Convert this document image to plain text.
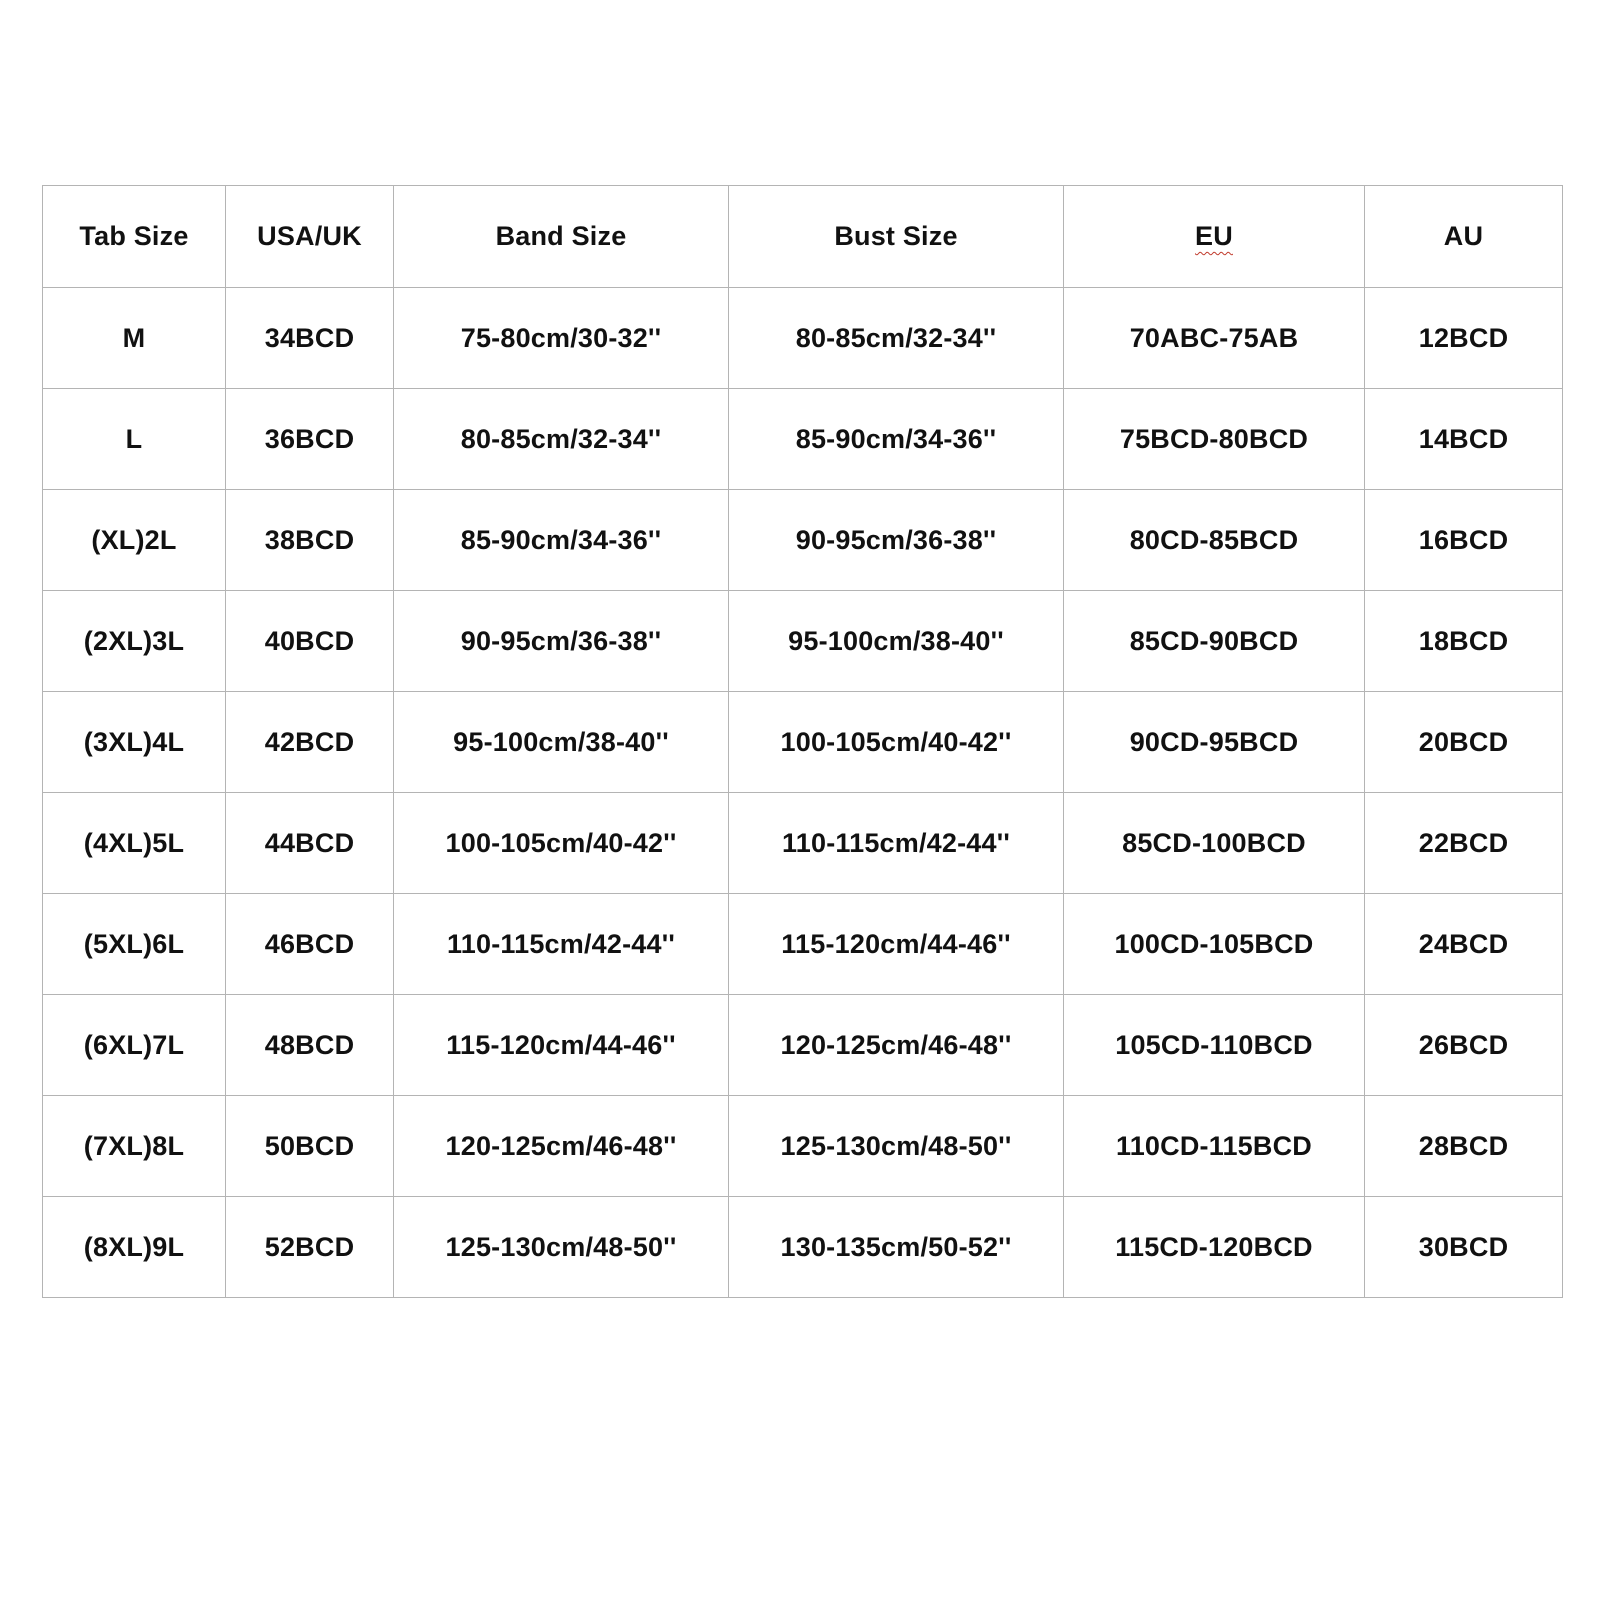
Tab Size	USA/UK	Band Size	Bust Size	EU	AU
M	34BCD	75-80cm/30-32''	80-85cm/32-34''	70ABC-75AB	12BCD
L	36BCD	80-85cm/32-34''	85-90cm/34-36''	75BCD-80BCD	14BCD
(XL)2L	38BCD	85-90cm/34-36''	90-95cm/36-38''	80CD-85BCD	16BCD
(2XL)3L	40BCD	90-95cm/36-38''	95-100cm/38-40''	85CD-90BCD	18BCD
(3XL)4L	42BCD	95-100cm/38-40''	100-105cm/40-42''	90CD-95BCD	20BCD
(4XL)5L	44BCD	100-105cm/40-42''	110-115cm/42-44''	85CD-100BCD	22BCD
(5XL)6L	46BCD	110-115cm/42-44''	115-120cm/44-46''	100CD-105BCD	24BCD
(6XL)7L	48BCD	115-120cm/44-46''	120-125cm/46-48''	105CD-110BCD	26BCD
(7XL)8L	50BCD	120-125cm/46-48''	125-130cm/48-50''	110CD-115BCD	28BCD
(8XL)9L	52BCD	125-130cm/48-50''	130-135cm/50-52''	115CD-120BCD	30BCD
